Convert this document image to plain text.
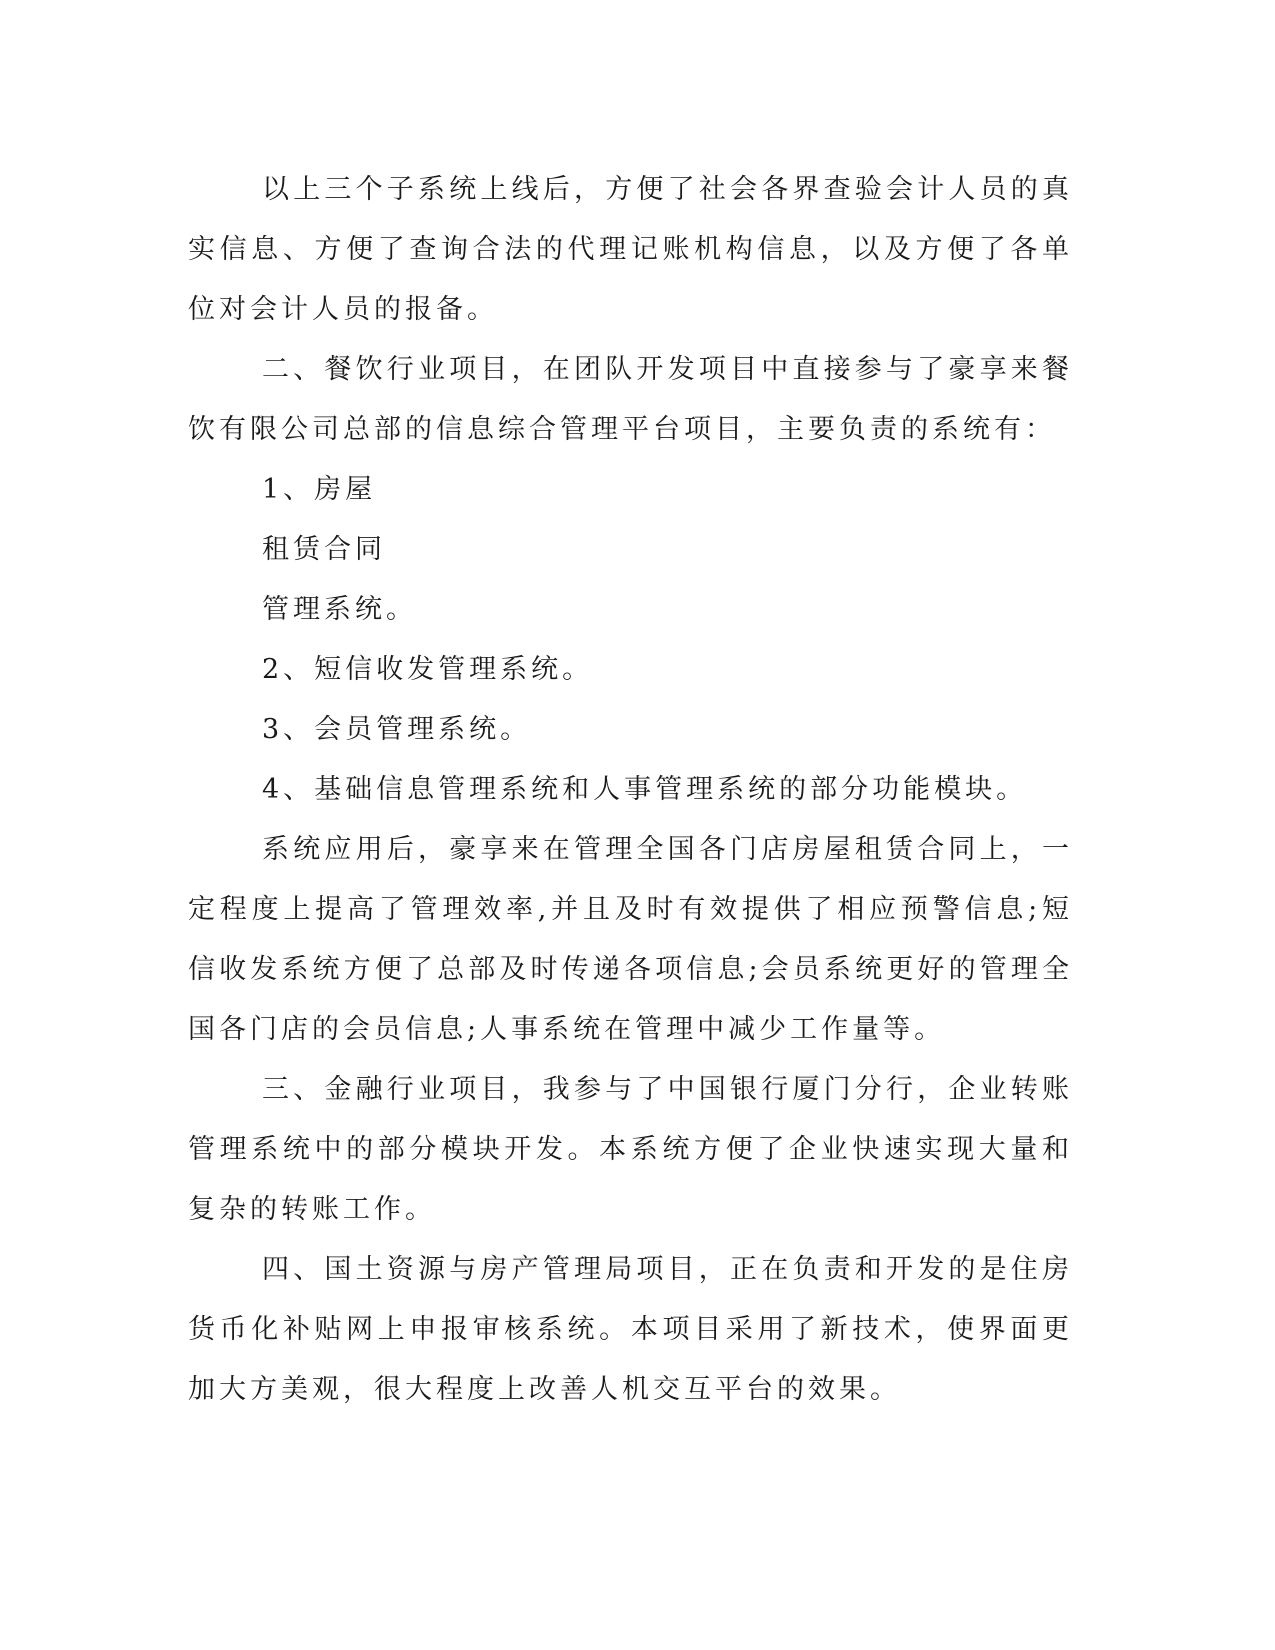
以上三个子系统上线后，方便了社会各界查验会计人员的真实信息、方便了查询合法的代理记账机构信息，以及方便了各单位对会计人员的报备。

二、餐饮行业项目，在团队开发项目中直接参与了豪享来餐饮有限公司总部的信息综合管理平台项目，主要负责的系统有：

1、房屋

租赁合同

管理系统。

2、短信收发管理系统。

3、会员管理系统。

4、基础信息管理系统和人事管理系统的部分功能模块。

系统应用后，豪享来在管理全国各门店房屋租赁合同上，一定程度上提高了管理效率,并且及时有效提供了相应预警信息;短信收发系统方便了总部及时传递各项信息;会员系统更好的管理全国各门店的会员信息;人事系统在管理中减少工作量等。

三、金融行业项目，我参与了中国银行厦门分行，企业转账管理系统中的部分模块开发。本系统方便了企业快速实现大量和复杂的转账工作。

四、国土资源与房产管理局项目，正在负责和开发的是住房货币化补贴网上申报审核系统。本项目采用了新技术，使界面更加大方美观，很大程度上改善人机交互平台的效果。
